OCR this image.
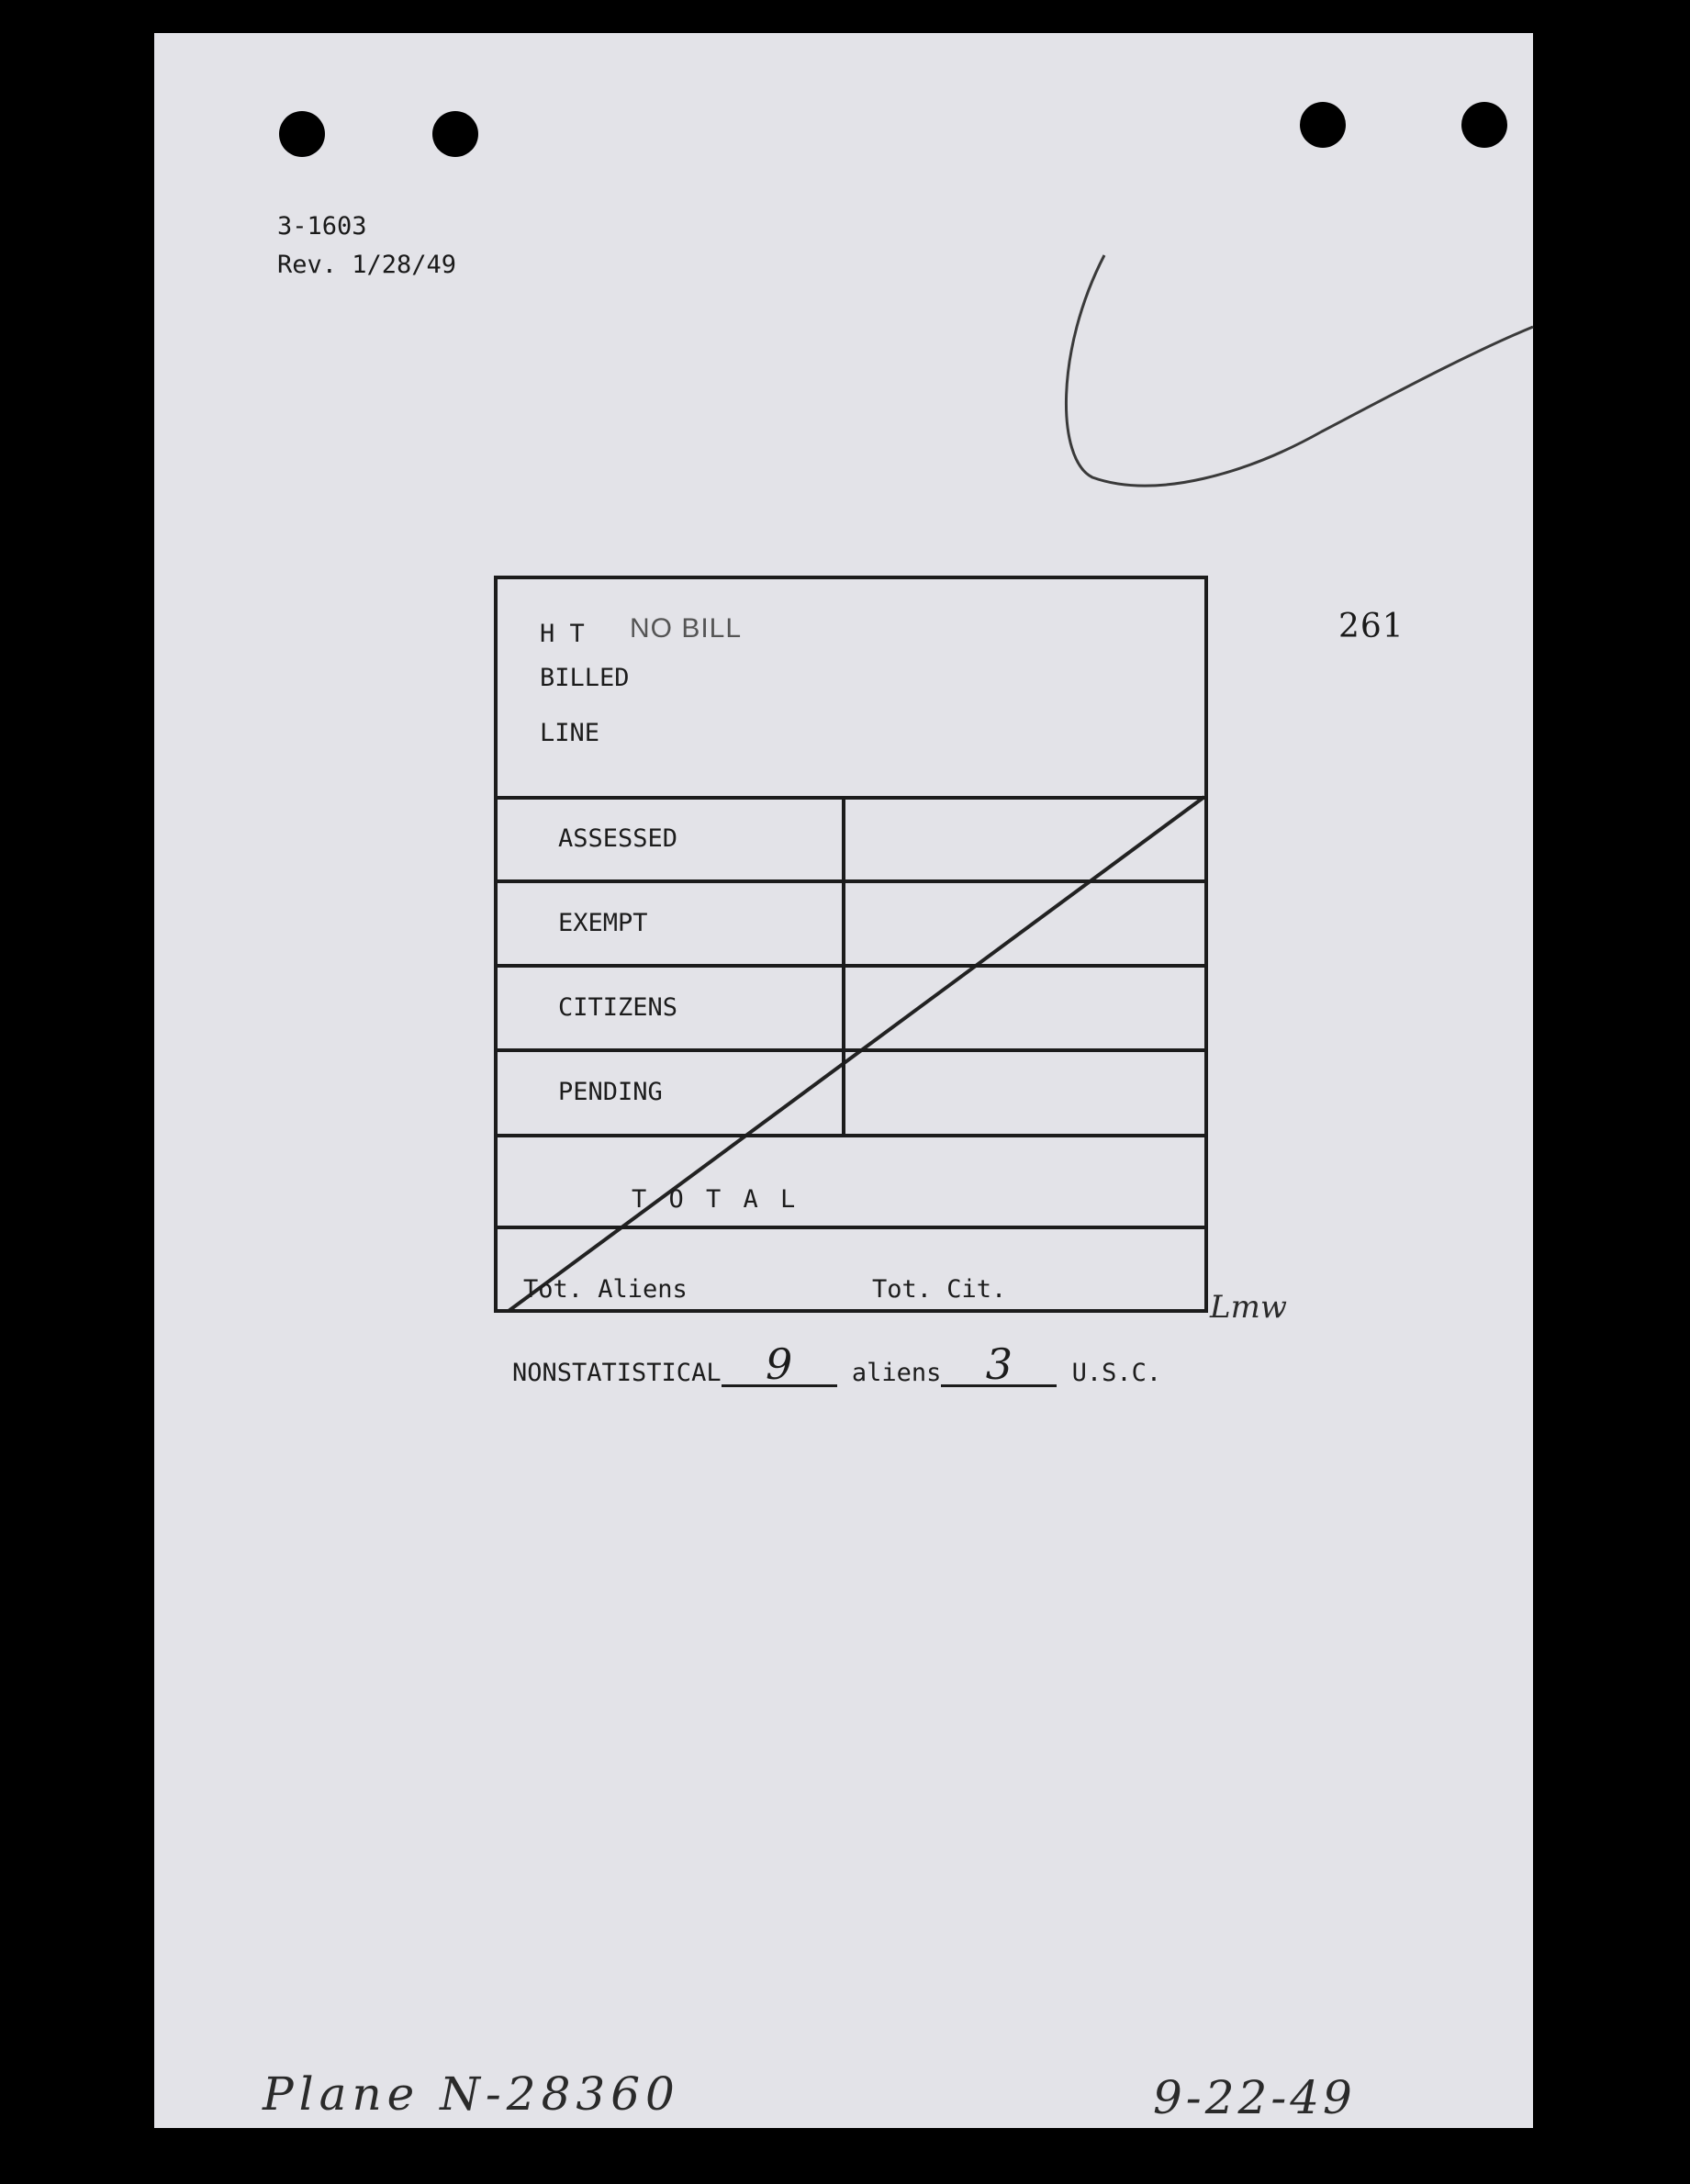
3-1603
Rev. 1/28/49
261
H T
BILLED
LINE
ASSESSED
EXEMPT
CITIZENS
PENDING
T O T A L
Tot. Aliens	Tot. Cit.
NO BILL
Lmw
NONSTATISTICAL 9 aliens 3 U.S.C.
Plane N-28360	9-22-49
